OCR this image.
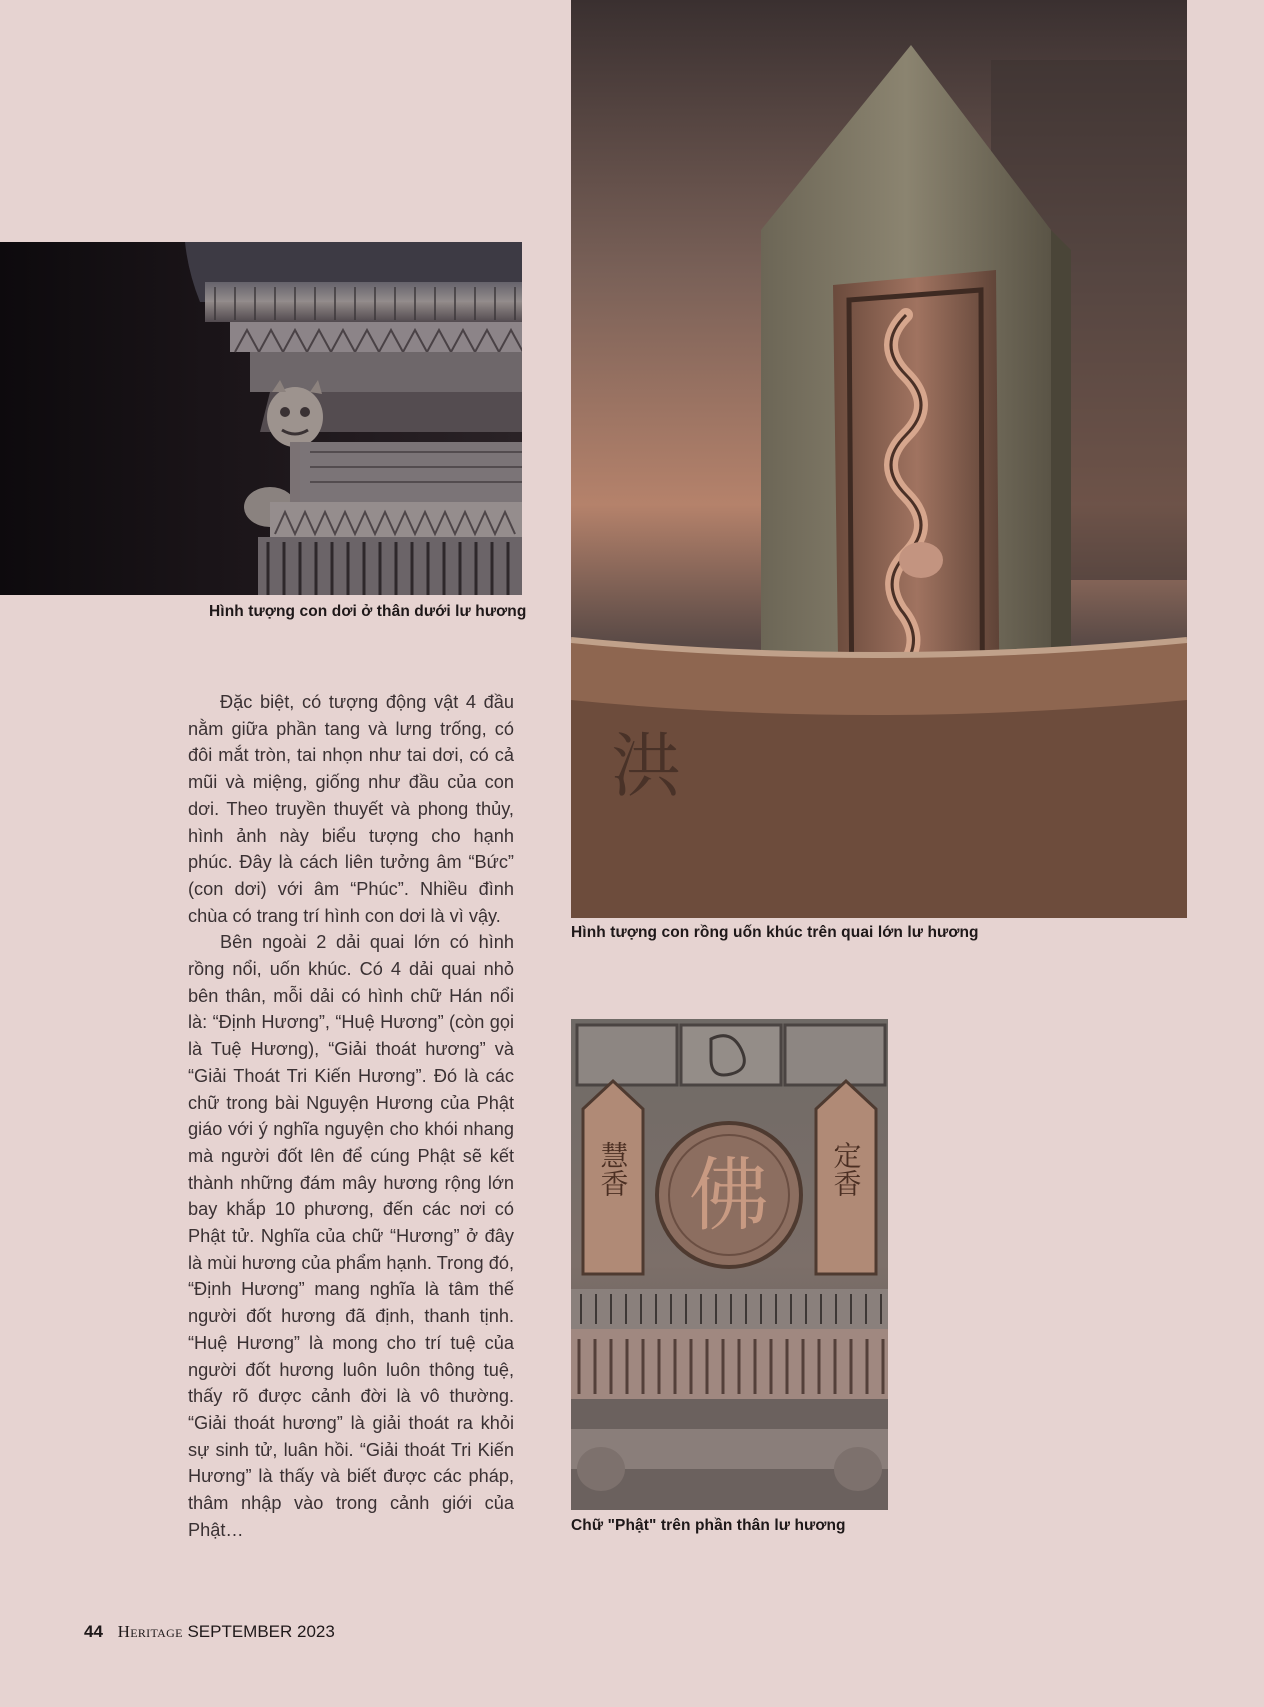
Hình tượng con dơi ở thân dưới lư hương
洪
Hình tượng con rồng uốn khúc trên quai lớn lư hương
慧香	定香
佛
Chữ "Phật" trên phần thân lư hương

Đặc biệt, có tượng động vật 4 đầu nằm giữa phần tang và lưng trống, có đôi mắt tròn, tai nhọn như tai dơi, có cả mũi và miệng, giống như đầu của con dơi. Theo truyền thuyết và phong thủy, hình ảnh này biểu tượng cho hạnh phúc. Đây là cách liên tưởng âm “Bức” (con dơi) với âm “Phúc”. Nhiều đình chùa có trang trí hình con dơi là vì vậy.

Bên ngoài 2 dải quai lớn có hình rồng nổi, uốn khúc. Có 4 dải quai nhỏ bên thân, mỗi dải có hình chữ Hán nổi là: “Định Hương”, “Huệ Hương” (còn gọi là Tuệ Hương), “Giải thoát hương” và “Giải Thoát Tri Kiến Hương”. Đó là các chữ trong bài Nguyện Hương của Phật giáo với ý nghĩa nguyện cho khói nhang mà người đốt lên để cúng Phật sẽ kết thành những đám mây hương rộng lớn bay khắp 10 phương, đến các nơi có Phật tử. Nghĩa của chữ “Hương” ở đây là mùi hương của phẩm hạnh. Trong đó, “Định Hương” mang nghĩa là tâm thế người đốt hương đã định, thanh tịnh. “Huệ Hương” là mong cho trí tuệ của người đốt hương luôn luôn thông tuệ, thấy rõ được cảnh đời là vô thường. “Giải thoát hương” là giải thoát ra khỏi sự sinh tử, luân hồi. “Giải thoát Tri Kiến Hương” là thấy và biết được các pháp, thâm nhập vào trong cảnh giới của Phật…

44 Heritage SEPTEMBER 2023
